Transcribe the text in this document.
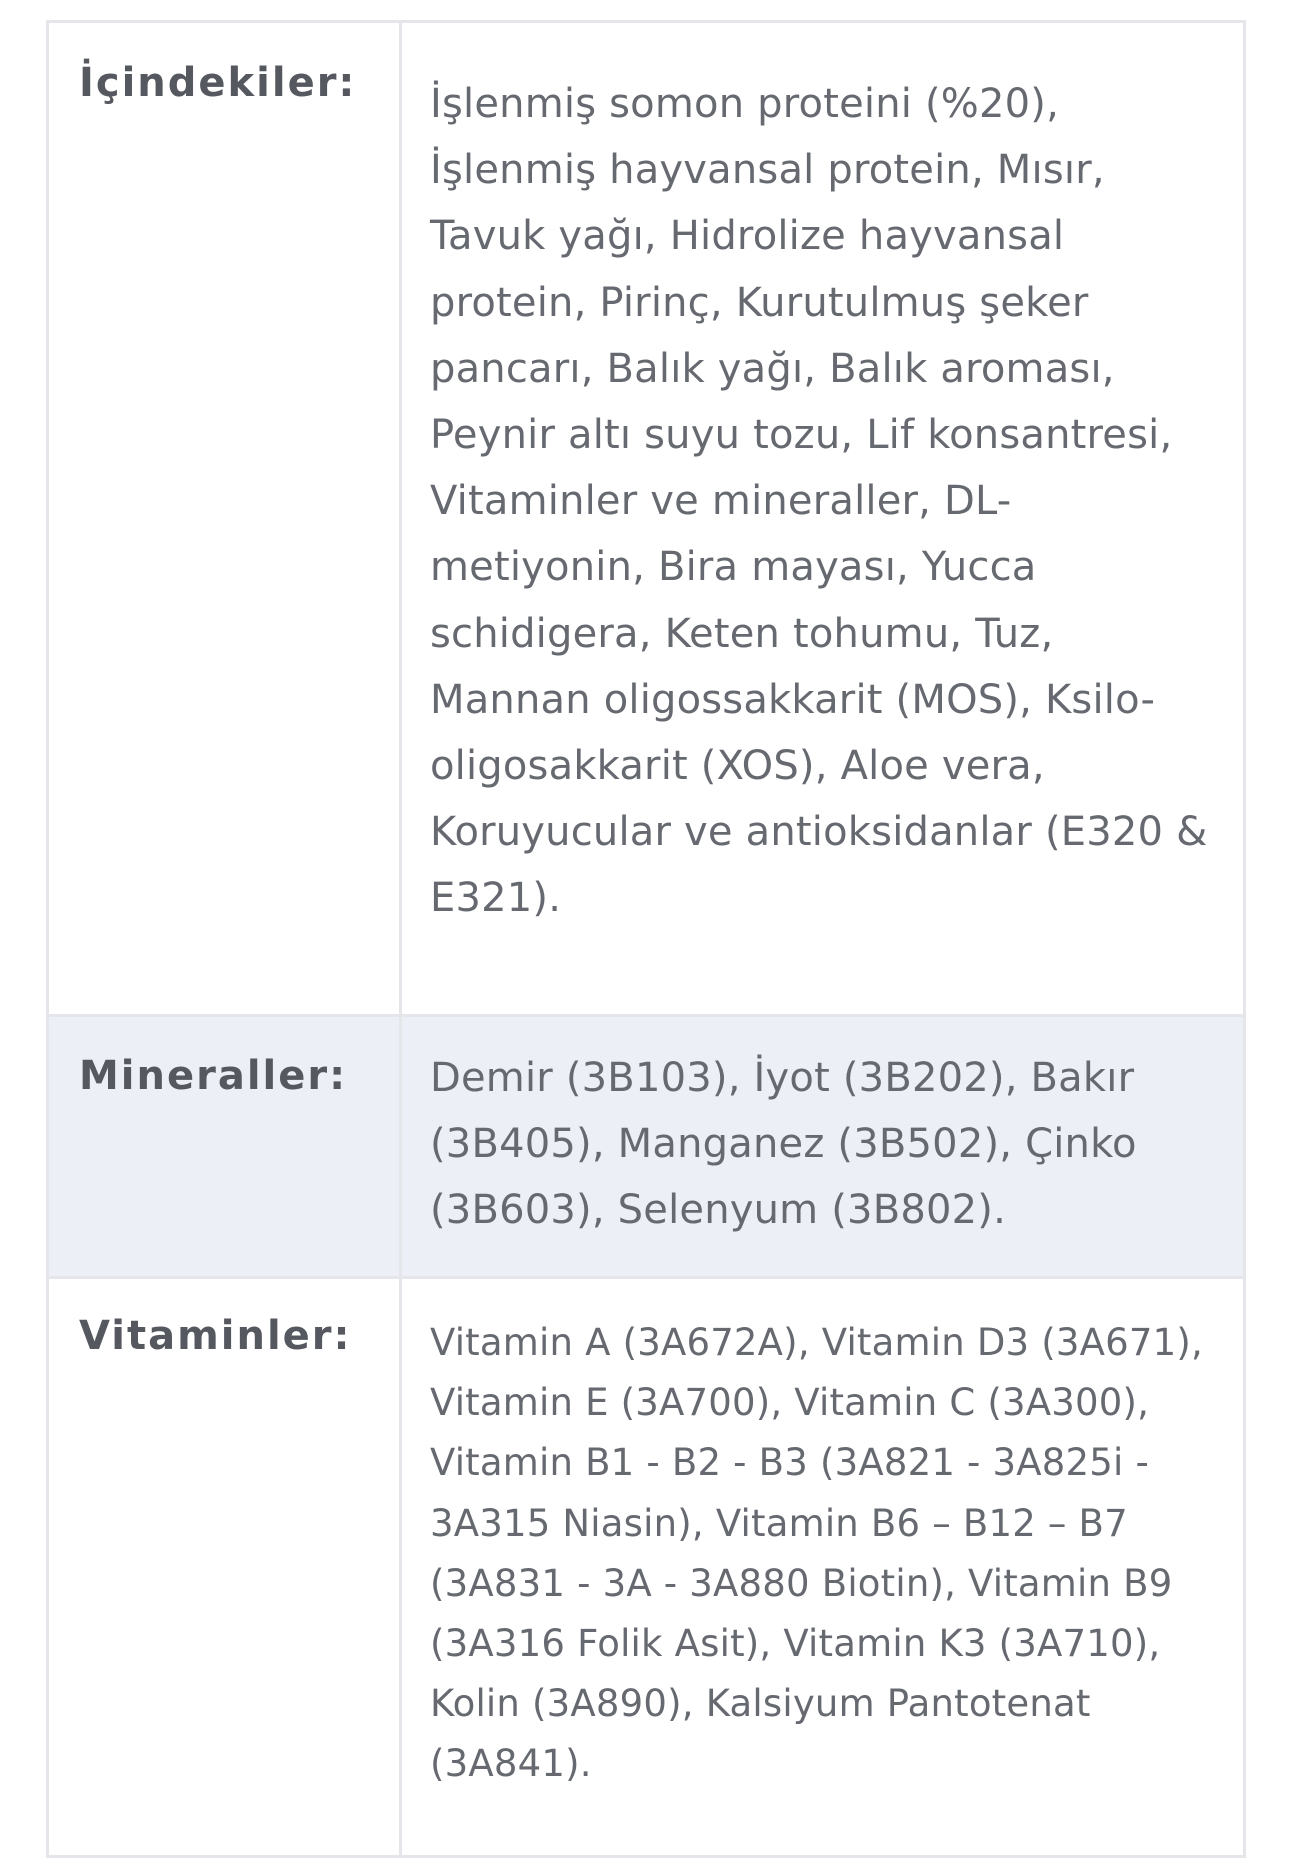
İçindekiler:	İşlenmiş somon proteini (%20), İşlenmiş hayvansal protein, Mısır, Tavuk yağı, Hidrolize hayvansal protein, Pirinç, Kurutulmuş şeker pancarı, Balık yağı, Balık aroması, Peynir altı suyu tozu, Lif konsantresi, Vitaminler ve mineraller, DL-metiyonin, Bira mayası, Yucca schidigera, Keten tohumu, Tuz, Mannan oligossakkarit (MOS), Ksilo-oligosakkarit (XOS), Aloe vera, Koruyucular ve antioksidanlar (E320 & E321).

Mineraller:	Demir (3B103), İyot (3B202), Bakır (3B405), Manganez (3B502), Çinko (3B603), Selenyum (3B802).

Vitaminler:	Vitamin A (3A672A), Vitamin D3 (3A671), Vitamin E (3A700), Vitamin C (3A300), Vitamin B1 - B2 - B3 (3A821 - 3A825i - 3A315 Niasin), Vitamin B6 – B12 – B7 (3A831 - 3A - 3A880 Biotin), Vitamin B9 (3A316 Folik Asit), Vitamin K3 (3A710), Kolin (3A890), Kalsiyum Pantotenat (3A841).
